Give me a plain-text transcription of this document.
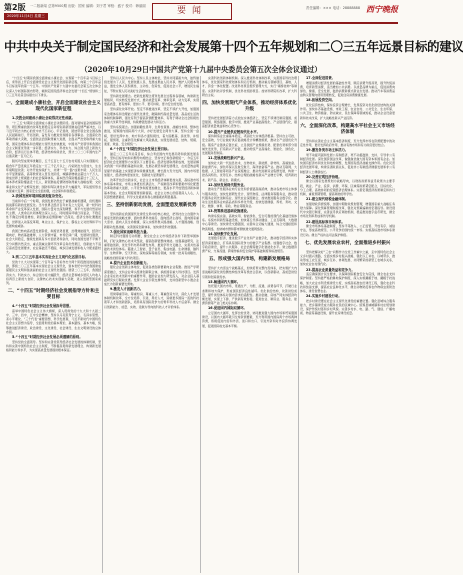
第2版 一二版新闻 总第9500期 出版：国家 编辑：刘子君 审校：盛子 校对：韩丽丽
2020年11月4日 星期三	要闻	责任编辑：××× 电话：28888888 西宁晚报
中共中央关于制定国民经济和社会发展第十四个五年规划和二〇三五年远景目标的建议
（2020年10月29日中国共产党第十九届中央委员会第五次全体会议通过）

“十四五”时期是我国全面建成小康社会、实现第一个百年奋斗目标之后，乘势而上开启全面建设社会主义现代化国家新征程、向第二个百年奋斗目标进军的第一个五年。中国共产党第十九届中央委员会第五次全体会议深入分析国际国内形势，就制定国民经济和社会发展“十四五”规划和二〇三五年远景目标提出以下建议。

一、全面建成小康社会，开启全面建设社会主义现代化国家新征程
1.决胜全面建成小康社会取得决定性成就。

“十三五”时期是全面建成小康社会决胜阶段。面对错综复杂的国际形势、艰巨繁重的国内改革发展稳定任务特别是新冠肺炎疫情严重冲击，以习近平同志为核心的党中央不忘初心、牢记使命，团结带领全党全国各族人民砥砺前行、开拓创新，奋发有为推进党和国家各项事业。全面深化改革取得重大突破，全面依法治国取得重大进展，全面从严治党取得重大成果，国家治理体系和治理能力现代化加快推进，中国共产党领导和我国社会主义制度优势进一步彰显；经济实力、科技实力、综合国力跃上新的大台阶，经济运行总体平稳，经济结构持续优化，预计二〇二〇年国内生产总值突破一百万亿元。

脱贫攻坚成果举世瞩目，五千五百七十五万农村贫困人口实现脱贫；粮食年产量连续五年稳定在一万三千亿斤以上；污染防治力度加大，生态环境明显改善；对外开放持续扩大，共建“一带一路”成果丰硕；人民生活水平显著提高，高等教育进入普及化阶段，城镇新增就业超过六千万人，建成世界上规模最大的社会保障体系，基本医疗保险覆盖超过十三亿人，基本养老保险覆盖近十亿人，新冠肺炎疫情防控取得重大战略成果；文化事业和文化产业繁荣发展；国防和军队建设水平大幅提升，军队组织形态实现重大变革；国家安全全面加强，社会保持和谐稳定。

2.我国发展环境面临深刻复杂变化。

当前和今后一个时期，我国发展仍然处于重要战略机遇期，但机遇和挑战都有新的发展变化。当今世界正经历百年未有之大变局，新一轮科技革命和产业变革深入发展，国际力量对比深刻调整，和平与发展仍然是时代主题，人类命运共同体理念深入人心，同时国际环境日趋复杂，不稳定性不确定性明显增加，新冠肺炎疫情影响广泛深远，经济全球化遭遇逆流，世界进入动荡变革期，单边主义、保护主义、霸权主义对世界和平与发展构成威胁。

我国已转向高质量发展阶段，制度优势显著，治理效能提升，经济长期向好，物质基础雄厚，人力资源丰富，市场空间广阔，发展韧性强劲，社会大局稳定，继续发展具有多方面优势和条件，同时我国发展不平衡不充分问题仍然突出，重点领域关键环节改革任务仍然艰巨，创新能力不适应高质量发展要求，农业基础还不稳固，城乡区域发展和收入分配差距较大。

3.到二〇三五年基本实现社会主义现代化远景目标。

党的十九大对实现第二个百年奋斗目标作出分两个阶段推进的战略安排，即到二〇三五年基本实现社会主义现代化，到本世纪中叶把我国建成富强民主文明和谐美丽的社会主义现代化强国。展望二〇三五年，我国经济实力、科技实力、综合国力将大幅跃升，经济总量和城乡居民人均收入将再迈上新的大台阶，关键核心技术实现重大突破，进入创新型国家前列。

二、“十四五”时期经济社会发展指导方针和主要目标
4.“十四五”时期经济社会发展指导思想。

高举中国特色社会主义伟大旗帜，深入贯彻党的十九大和十九届二中、三中、四中、五中全会精神，坚持以马克思列宁主义、毛泽东思想、邓小平理论、“三个代表”重要思想、科学发展观、习近平新时代中国特色社会主义思想为指导，全面贯彻党的基本理论、基本路线、基本方略，统筹推进经济建设、政治建设、文化建设、社会建设、生态文明建设的总体布局。

5.“十四五”时期经济社会发展必须遵循的原则。

坚持党的全面领导。坚持和完善党领导经济社会发展的体制机制，坚持和完善中国特色社会主义制度，不断提高贯彻新发展理念、构建新发展格局能力和水平，为实现高质量发展提供根本保证。

坚持以人民为中心。坚持人民主体地位，坚持共同富裕方向，始终做到发展为了人民、发展依靠人民、发展成果由人民共享，维护人民根本利益，激发全体人民积极性、主动性、创造性，促进社会公平，增进民生福祉，不断实现人民对美好生活的向往。

坚持新发展理念。把新发展理念贯穿发展全过程和各领域，构建新发展格局，切实转变发展方式，推动质量变革、效率变革、动力变革，实现更高质量、更有效率、更加公平、更可持续、更为安全的发展。

坚持深化改革开放。坚定不移推进改革，坚定不移扩大开放，加强国家治理体系和治理能力现代化建设，破除制约高质量发展、高品质生活的体制机制障碍，强化有利于提高资源配置效率、有利于调动全社会积极性的重大改革开放举措，持续增强发展动力和活力。

坚持系统观念。加强前瞻性思考、全局性谋划、战略性布局、整体性推进，统筹国内国际两个大局，办好发展安全两件大事，坚持全国一盘棋，更好发挥中央、地方和各方面积极性，着力固根基、扬优势、补短板、强弱项，注重防范化解重大风险挑战，实现发展质量、结构、规模、速度、效益、安全相统一。

6.“十四五”时期经济社会发展主要目标。

锚定二〇三五年远景目标，综合考虑国内外发展趋势和我国发展条件，坚持目标导向和问题导向相结合，坚持守正和创新相统一，今后五年经济社会发展要努力实现以下主要目标。经济发展取得新成效，发展是解决我国一切问题的基础和关键，发展必须坚持新发展理念，在质量效益明显提升的基础上实现经济持续健康发展，增长潜力充分发挥，国内市场更加强大，经济结构更加优化，创新能力显著提升。

改革开放迈出新步伐，社会主义市场经济体制更加完善，高标准市场体系基本建成，市场主体更加充满活力，产权制度改革和要素市场化配置改革取得重大进展，公平竞争制度更加健全，更高水平开放型经济新体制基本形成。社会文明程度得到新提高，社会主义核心价值观深入人心，人民思想道德素质、科学文化素质和身心健康素质明显提高。

三、坚持创新驱动发展，全面塑造发展新优势

坚持创新在我国现代化建设全局中的核心地位，把科技自立自强作为国家发展的战略支撑，面向世界科技前沿、面向经济主战场、面向国家重大需求、面向人民生命健康，深入实施科教兴国战略、人才强国战略、创新驱动发展战略，完善国家创新体系，加快建设科技强国。

7.强化国家战略科技力量。

制定科技强国行动纲要，健全社会主义市场经济条件下新型举国体制，打好关键核心技术攻坚战，提高创新链整体效能。加强基础研究、注重原始创新，优化学科布局和研发布局，推进学科交叉融合，完善共性基础技术供给体系。瞄准人工智能、量子信息、集成电路、生命健康、脑科学、生物育种、空天科技、深地深海等前沿领域，实施一批具有前瞻性、战略性的国家重大科技项目。

8.提升企业技术创新能力。

强化企业创新主体地位，促进各类创新要素向企业集聚。推进产学研深度融合，支持企业牵头组建创新联合体，承担国家重大科技项目。发挥企业家在技术创新中的重要作用，鼓励企业加大研发投入，对企业投入基础研究实行税收优惠。发挥大企业引领支撑作用，支持创新型中小微企业成长为创新重要发源地。

9.激发人才创新活力。

贯彻尊重劳动、尊重知识、尊重人才、尊重创造方针，深化人才发展体制机制改革，全方位培养、引进、用好人才，造就更多国际一流的科技领军人才和创新团队，培养具有国际竞争力的青年科技人才后备军。健全以创新能力、质量、实效、贡献为导向的科技人才评价体系。

完善科技创新体制机制。深入推进科技体制改革，完善国家科技治理体系，优化国家科技规划体系和运行机制，推动重点领域项目、基地、人才、资金一体化配置。改进科技项目组织管理方式，实行“揭榜挂帅”等制度。完善科技评价机制，优化科技奖励项目。加快科研院所改革，扩大科研自主权。

四、加快发展现代产业体系，推动经济体系优化升级

坚持把发展经济着力点放在实体经济上，坚定不移建设制造强国、质量强国、网络强国、数字中国，推进产业基础高级化、产业链现代化，提高经济质量效益和核心竞争力。

10.提升产业链供应链现代化水平。

保持制造业比重基本稳定，巩固壮大实体经济根基。坚持自主可控、安全高效，分行业做好供应链战略设计和精准施策，推动全产业链优化升级。锻造产业链供应链长板，立足我国产业规模优势、配套优势和部分领域先发优势，打造新兴产业链，推动传统产业高端化、智能化、绿色化，发展服务型制造。

11.发展战略性新兴产业。

加快壮大新一代信息技术、生物技术、新能源、新材料、高端装备、新能源汽车、绿色环保以及航空航天、海洋装备等产业。推动互联网、大数据、人工智能等同各产业深度融合，推动先进制造业集群发展，构建一批各具特色、优势互补、结构合理的战略性新兴产业增长引擎，培育新技术、新产品、新业态、新模式。

12.加快发展现代服务业。

推动生产性服务业向专业化和价值链高端延伸，推动各类市场主体参与服务供给，加快发展研发设计、现代物流、法律服务等服务业，推动现代服务业同先进制造业、现代农业深度融合，加快推进服务业数字化。推动生活性服务业向高品质和多样化升级，加快发展健康、养老、育幼、文化、旅游、体育、家政、物业等服务业。

13.统筹推进基础设施建设。

构建系统完备、高效实用、智能绿色、安全可靠的现代化基础设施体系。系统布局新型基础设施，加快第五代移动通信、工业互联网、大数据中心等建设。加快建设交通强国，完善综合运输大通道、综合交通枢纽和物流网络，加快城市群和都市圈轨道交通网络化。

14.加快数字化发展。

发展数字经济，推进数字产业化和产业数字化，推动数字经济和实体经济深度融合，打造具有国际竞争力的数字产业集群。加强数字社会、数字政府建设，提升公共服务、社会治理等数字化智能化水平。建立数据资源产权、交易流通、跨境传输和安全保护等基础制度和标准规范。

五、形成强大国内市场，构建新发展格局

坚持扩大内需这个战略基点，加快培育完整内需体系，把实施扩大内需战略同深化供给侧结构性改革有机结合起来，以创新驱动、高质量供给引领和创造新需求。

15.畅通国内大循环。

依托强大国内市场，贯通生产、分配、流通、消费各环节，打破行业垄断和地方保护，形成国民经济良性循环。优化供给结构，改善供给质量，提升供给体系对国内需求的适配性。推动金融、房地产同实体经济均衡发展，实现上下游、产供销有效衔接，促进农业、制造业、服务业、能源资源等产业门类关系协调。

16.促进国内国际双循环。

立足国内大循环，发挥比较优势，协同推进强大国内市场和贸易强国建设，以国内大循环吸引全球资源要素，充分利用国内国际两个市场两种资源，积极促进内需和外需、进口和出口、引进外资和对外投资协调发展，促进国际收支基本平衡。

17.全面促进消费。

增强消费对经济发展的基础性作用，顺应消费升级趋势，提升传统消费，培育新型消费，适当增加公共消费。以质量品牌为重点，促进消费向绿色、健康、安全发展，鼓励消费新模式新业态发展。推动汽车等消费品由购买管理向使用管理转变，促进住房消费健康发展。

18.拓展投资空间。

优化投资结构，保持投资合理增长，发挥投资对优化供给结构的关键作用。加快补齐基础设施、市政工程、农业农村、公共安全、生态环保、公共卫生、物资储备、防灾减灾、民生保障等领域短板，推动企业设备更新和技术改造，扩大战略性新兴产业投资。

六、全面深化改革，构建高水平社会主义市场经济体制

坚持和完善社会主义基本经济制度，充分发挥市场在资源配置中的决定性作用，更好发挥政府作用，推动有效市场和有为政府更好结合。

19.激发各类市场主体活力。

毫不动摇巩固和发展公有制经济，毫不动摇鼓励、支持、引导非公有制经济发展。深化国资国企改革，做强做优做大国有资本和国有企业。加快国有经济布局优化和结构调整，发挥国有经济战略支撑作用。优化民营经济发展环境，构建亲清政商关系，促进非公有制经济健康发展和非公有制经济人士健康成长。

20.完善宏观经济治理。

健全以国家发展规划为战略导向，以财政政策和货币政策为主要手段，就业、产业、投资、消费、环保、区域等政策紧密配合，目标优化、分工合理、高效协同的宏观经济治理体系。完善宏观经济政策制定和执行机制，重视预期管理，提高调控的科学性。

21.建立现代财税金融体制。

加强财政资源统筹，加强中期财政规划管理，增强国家重大战略任务财力保障。深化预算管理制度改革，强化对预算编制的宏观指导。建设现代中央银行制度，完善货币供应调控机制，稳妥推进数字货币研发，健全市场化利率形成和传导机制。

22.建设高标准市场体系。

健全市场体系基础制度，坚持平等准入、公正监管、开放有序、诚信守法，形成高效规范、公平竞争的国内统一市场。实施高标准市场体系建设行动。健全产权执法司法保护制度。

七、优先发展农业农村，全面推进乡村振兴

坚持把解决好“三农”问题作为全党工作重中之重，走中国特色社会主义乡村振兴道路，全面实施乡村振兴战略，强化以工补农、以城带乡，推动形成工农互促、城乡互补、协调发展、共同繁荣的新型工农城乡关系，加快农业农村现代化。

23.提高农业质量效益和竞争力。

适应确保国计民生要求，以保障国家粮食安全为底线，健全农业支持保护制度。坚持最严格的耕地保护制度，深入实施藏粮于地、藏粮于技战略，加大农业水利设施建设力度，实施高标准农田建设工程，强化农业科技和装备支撑，提高农业良种化水平，健全动物防疫和农作物病虫害防治体系，建设智慧农业。

24.实施乡村建设行动。

把乡村建设摆在社会主义现代化建设的重要位置。强化县城综合服务能力，把乡镇建设成为服务农民的区域中心。统筹县域城镇和村庄规划建设，保护传统村落和乡村风貌。完善乡村水、电、路、气、通信、广播电视、物流等基础设施，提升农房建设质量。
